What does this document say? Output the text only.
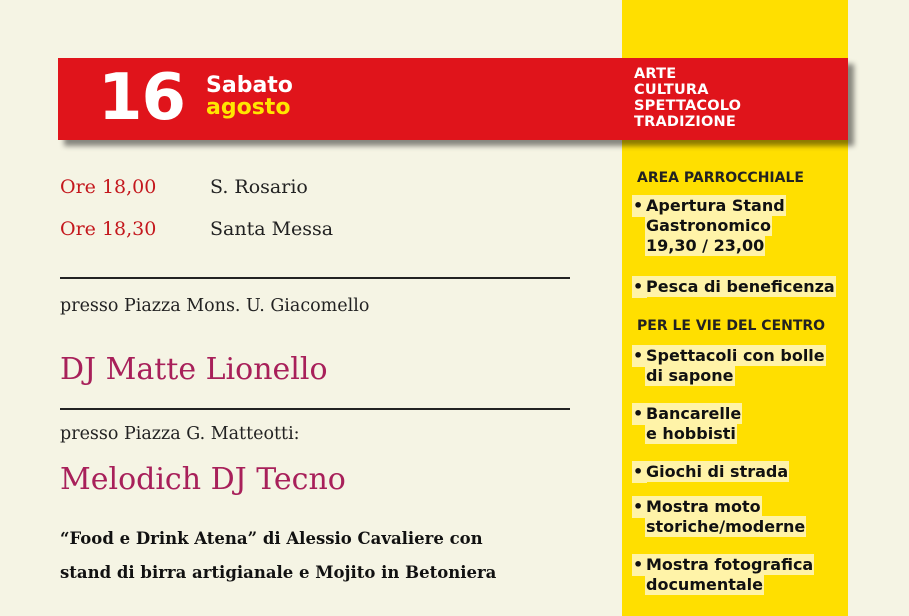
16 Sabato
agosto
ARTE
CULTURA
SPETTACOLO
TRADIZIONE
Ore 18,00	S. Rosario
Ore 18,30	Santa Messa
presso Piazza Mons. U. Giacomello
DJ Matte Lionello
presso Piazza G. Matteotti:
Melodich DJ Tecno
“Food e Drink Atena” di Alessio Cavaliere con
stand di birra artigianale e Mojito in Betoniera
AREA PARROCCHIALE
• Apertura Stand
Gastronomico
19,30 / 23,00
• Pesca di beneficenza
PER LE VIE DEL CENTRO
• Spettacoli con bolle
di sapone
• Bancarelle
e hobbisti
• Giochi di strada
• Mostra moto
storiche/moderne
• Mostra fotografica
documentale
